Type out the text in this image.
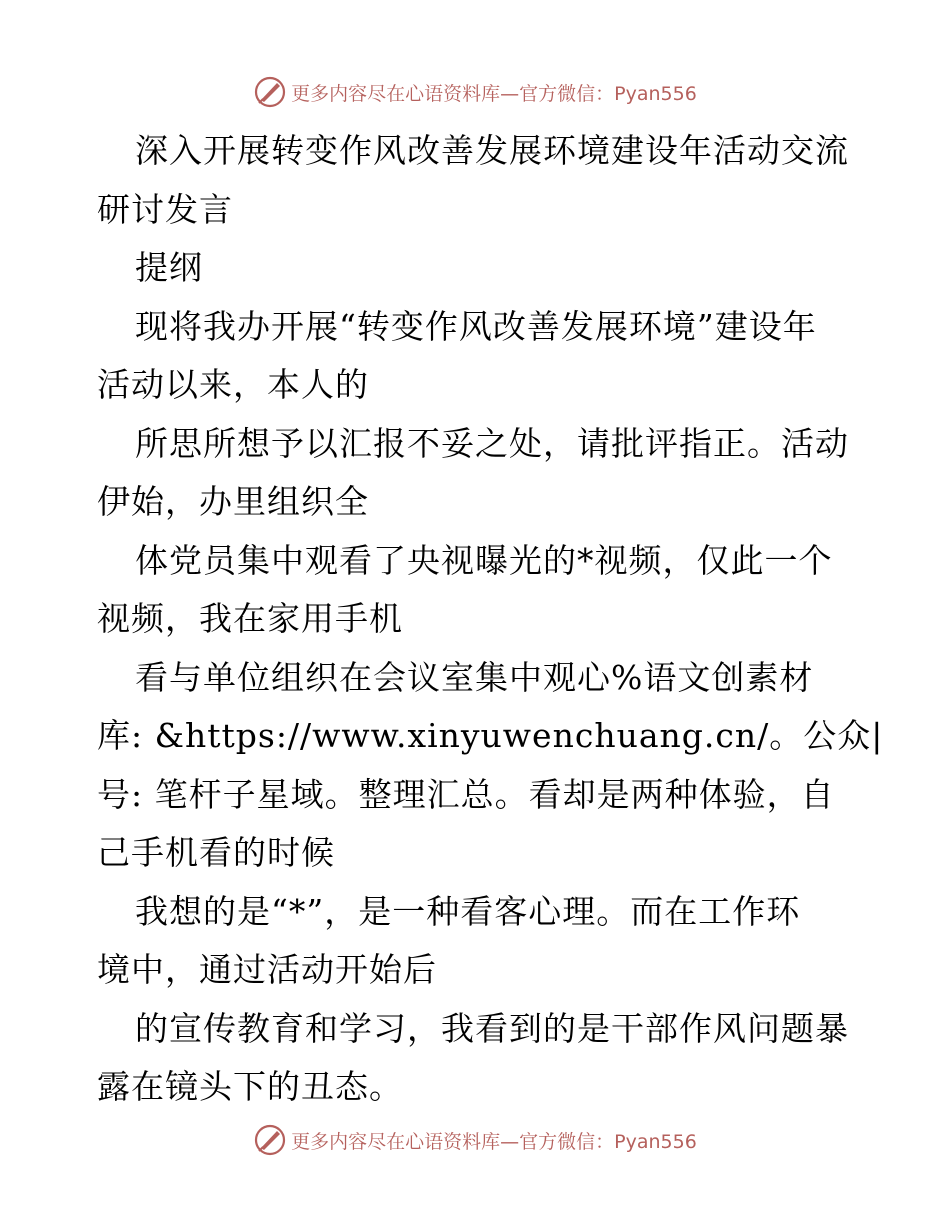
更多内容尽在心语资料库—官方微信：Pyan556
深入开展转变作风改善发展环境建设年活动交流
研讨发言
提纲
现将我办开展“转变作风改善发展环境”建设年
活动以来，本人的
所思所想予以汇报不妥之处，请批评指正。活动
伊始，办里组织全
体党员集中观看了央视曝光的*视频，仅此一个
视频，我在家用手机
看与单位组织在会议室集中观心%语文创素材
库: &https://www.xinyuwenchuang.cn/。公众|
号: 笔杆子星域。整理汇总。看却是两种体验，自
己手机看的时候
我想的是“*”，是一种看客心理。而在工作环
境中，通过活动开始后
的宣传教育和学习，我看到的是干部作风问题暴
露在镜头下的丑态。
更多内容尽在心语资料库—官方微信：Pyan556
